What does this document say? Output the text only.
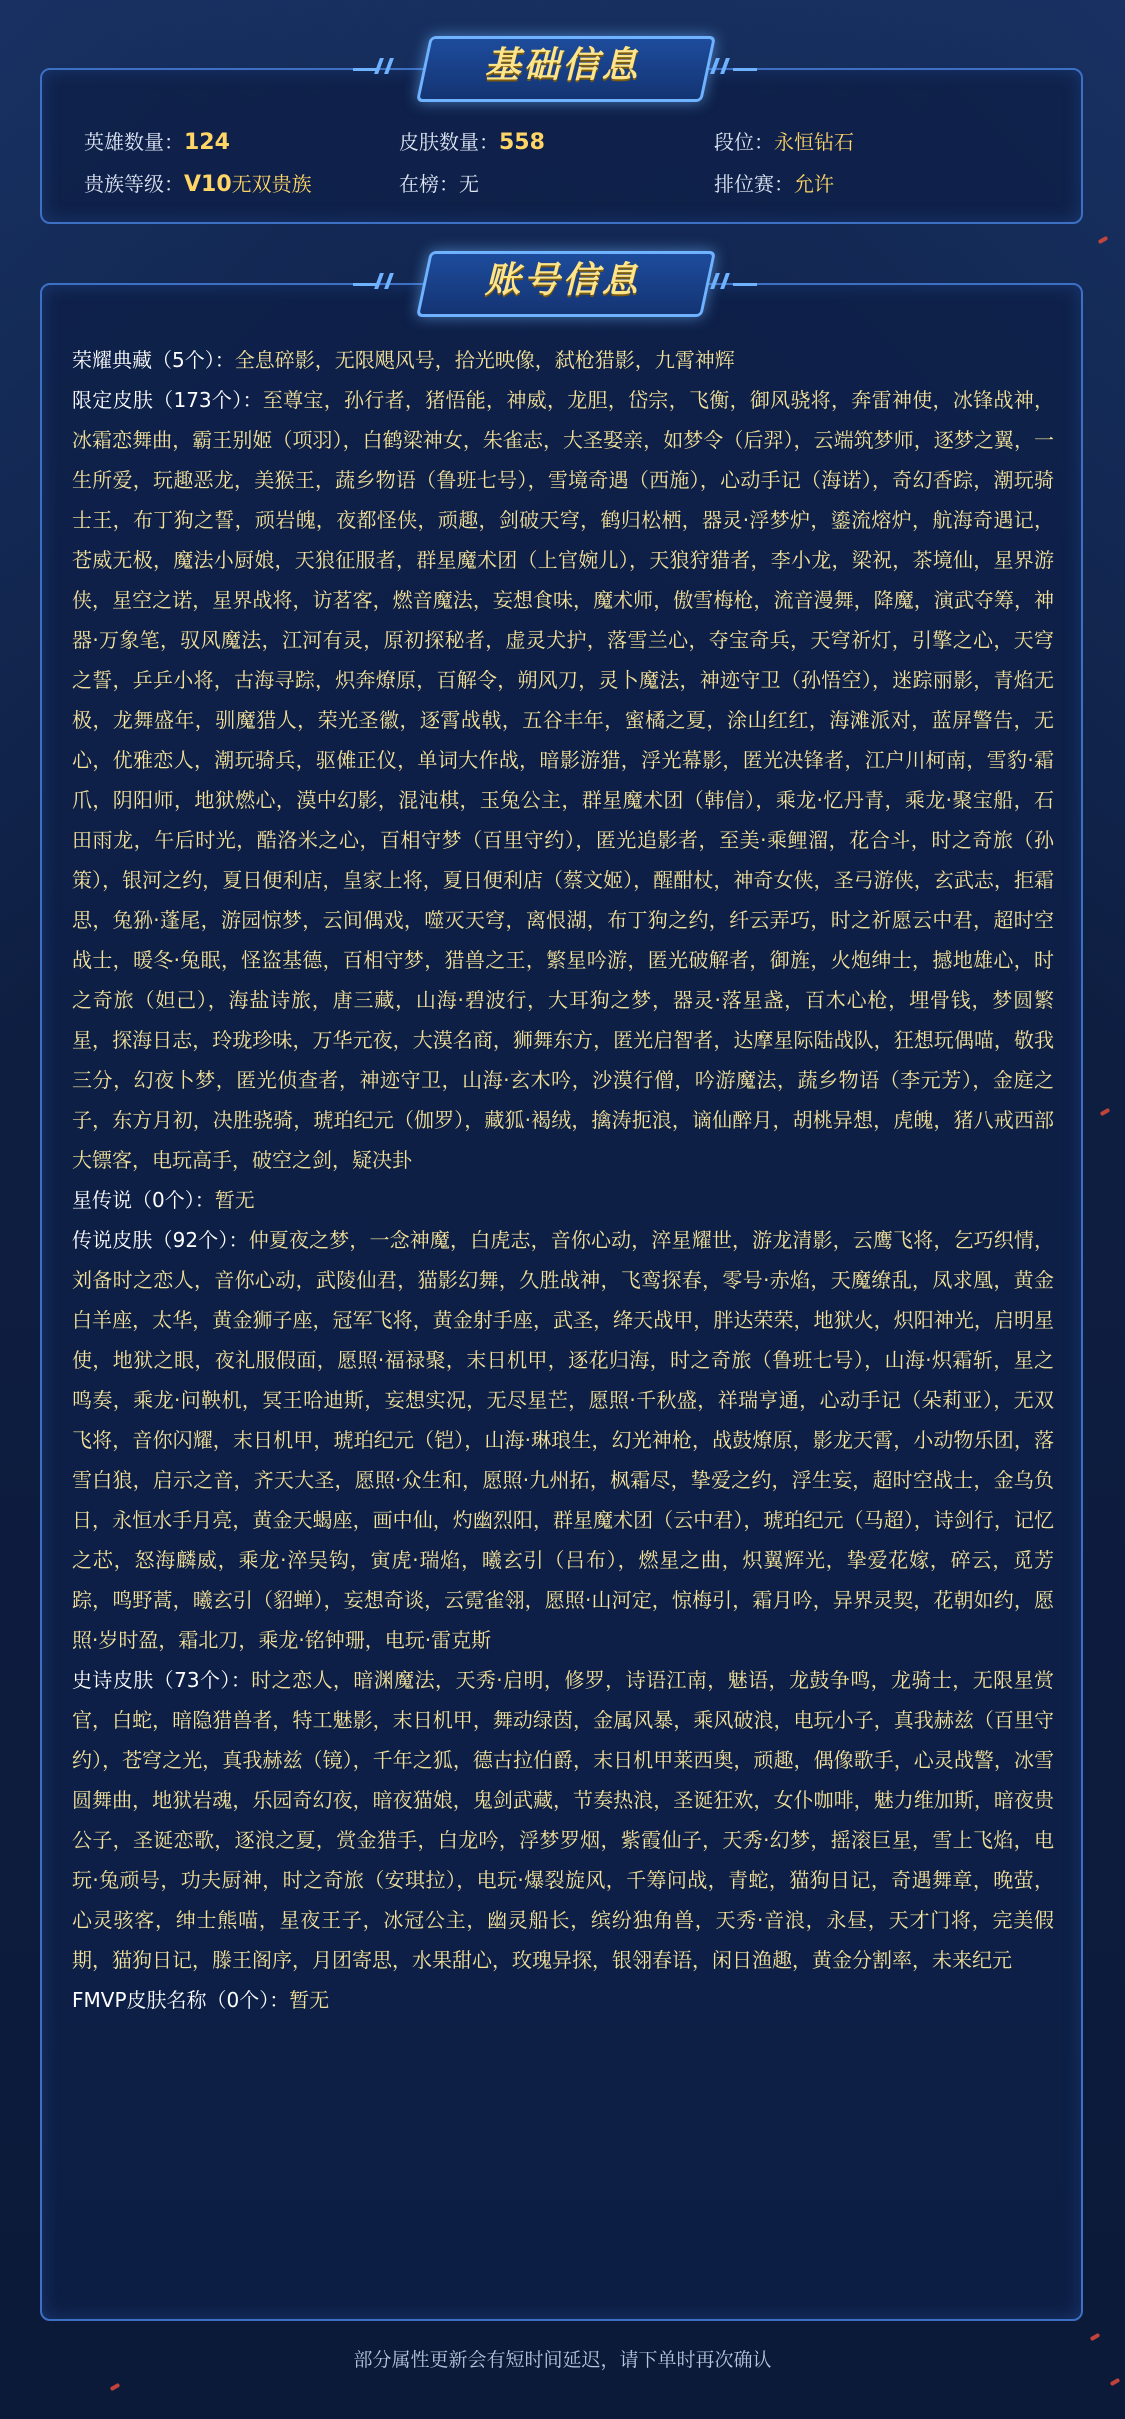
基础信息
英雄数量：124	皮肤数量：558	段位：永恒钻石
贵族等级：V10无双贵族	在榜：无	排位赛：允许
账号信息

荣耀典藏（5个）：全息碎影，无限飓风号，拾光映像，弑枪猎影，九霄神辉

限定皮肤（173个）：至尊宝，孙行者，猪悟能，神威，龙胆，岱宗，飞衡，御风骁将，奔雷神使，冰锋战神，冰霜恋舞曲，霸王别姬（项羽），白鹤梁神女，朱雀志，大圣娶亲，如梦令（后羿），云端筑梦师，逐梦之翼，一生所爱，玩趣恶龙，美猴王，蔬乡物语（鲁班七号），雪境奇遇（西施），心动手记（海诺），奇幻香踪，潮玩骑士王，布丁狗之誓，顽岩魄，夜都怪侠，顽趣，剑破天穹，鹤归松栖，器灵·浮梦炉，鎏流熔炉，航海奇遇记，苍威无极，魔法小厨娘，天狼征服者，群星魔术团（上官婉儿），天狼狩猎者，李小龙，梁祝，茶境仙，星界游侠，星空之诺，星界战将，访茗客，燃音魔法，妄想食味，魔术师，傲雪梅枪，流音漫舞，降魔，演武夺筹，神器·万象笔，驭风魔法，江河有灵，原初探秘者，虚灵犬护，落雪兰心，夺宝奇兵，天穹祈灯，引擎之心，天穹之誓，乒乒小将，古海寻踪，炽奔燎原，百解令，朔风刀，灵卜魔法，神迹守卫（孙悟空），迷踪丽影，青焰无极，龙舞盛年，驯魔猎人，荣光圣徽，逐霄战戟，五谷丰年，蜜橘之夏，涂山红红，海滩派对，蓝屏警告，无心，优雅恋人，潮玩骑兵，驱傩正仪，单词大作战，暗影游猎，浮光幕影，匿光决锋者，江户川柯南，雪豹·霜爪，阴阳师，地狱燃心，漠中幻影，混沌棋，玉兔公主，群星魔术团（韩信），乘龙·忆丹青，乘龙·聚宝船，石田雨龙，午后时光，酷洛米之心，百相守梦（百里守约），匿光追影者，至美·乘鲤溜，花合斗，时之奇旅（孙策），银河之约，夏日便利店，皇家上将，夏日便利店（蔡文姬），醒酣杖，神奇女侠，圣弓游侠，玄武志，拒霜思，兔狲·蓬尾，游园惊梦，云间偶戏，噬灭天穹，离恨湖，布丁狗之约，纤云弄巧，时之祈愿云中君，超时空战士，暖冬·兔眠，怪盗基德，百相守梦，猎兽之王，繁星吟游，匿光破解者，御旌，火炮绅士，撼地雄心，时之奇旅（妲己），海盐诗旅，唐三藏，山海·碧波行，大耳狗之梦，器灵·落星盏，百木心枪，埋骨钱，梦圆繁星，探海日志，玲珑珍味，万华元夜，大漠名商，狮舞东方，匿光启智者，达摩星际陆战队，狂想玩偶喵，敬我三分，幻夜卜梦，匿光侦查者，神迹守卫，山海·玄木吟，沙漠行僧，吟游魔法，蔬乡物语（李元芳），金庭之子，东方月初，决胜骁骑，琥珀纪元（伽罗），藏狐·褐绒，擒涛扼浪，谪仙醉月，胡桃异想，虎魄，猪八戒西部大镖客，电玩高手，破空之剑，疑决卦

星传说（0个）：暂无

传说皮肤（92个）：仲夏夜之梦，一念神魔，白虎志，音你心动，淬星耀世，游龙清影，云鹰飞将，乞巧织情，刘备时之恋人，音你心动，武陵仙君，猫影幻舞，久胜战神，飞鸾探春，零号·赤焰，天魔缭乱，凤求凰，黄金白羊座，太华，黄金狮子座，冠军飞将，黄金射手座，武圣，绛天战甲，胖达荣荣，地狱火，炽阳神光，启明星使，地狱之眼，夜礼服假面，愿照·福禄聚，末日机甲，逐花归海，时之奇旅（鲁班七号），山海·炽霜斩，星之鸣奏，乘龙·问鞅机，冥王哈迪斯，妄想实况，无尽星芒，愿照·千秋盛，祥瑞亨通，心动手记（朵莉亚），无双飞将，音你闪耀，末日机甲，琥珀纪元（铠），山海·琳琅生，幻光神枪，战鼓燎原，影龙天霄，小动物乐团，落雪白狼，启示之音，齐天大圣，愿照·众生和，愿照·九州拓，枫霜尽，挚爱之约，浮生妄，超时空战士，金乌负日，永恒水手月亮，黄金天蝎座，画中仙，灼幽烈阳，群星魔术团（云中君），琥珀纪元（马超），诗剑行，记忆之芯，怒海麟威，乘龙·淬吴钩，寅虎·瑞焰，曦玄引（吕布），燃星之曲，炽翼辉光，挚爱花嫁，碎云，觅芳踪，鸣野蒿，曦玄引（貂蝉），妄想奇谈，云霓雀翎，愿照·山河定，惊梅引，霜月吟，异界灵契，花朝如约，愿照·岁时盈，霜北刀，乘龙·铭钟珊，电玩·雷克斯

史诗皮肤（73个）：时之恋人，暗渊魔法，天秀·启明，修罗，诗语江南，魅语，龙鼓争鸣，龙骑士，无限星赏官，白蛇，暗隐猎兽者，特工魅影，末日机甲，舞动绿茵，金属风暴，乘风破浪，电玩小子，真我赫兹（百里守约），苍穹之光，真我赫兹（镜），千年之狐，德古拉伯爵，末日机甲莱西奥，顽趣，偶像歌手，心灵战警，冰雪圆舞曲，地狱岩魂，乐园奇幻夜，暗夜猫娘，鬼剑武藏，节奏热浪，圣诞狂欢，女仆咖啡，魅力维加斯，暗夜贵公子，圣诞恋歌，逐浪之夏，赏金猎手，白龙吟，浮梦罗烟，紫霞仙子，天秀·幻梦，摇滚巨星，雪上飞焰，电玩·兔顽号，功夫厨神，时之奇旅（安琪拉），电玩·爆裂旋风，千筹问战，青蛇，猫狗日记，奇遇舞章，晚萤，心灵骇客，绅士熊喵，星夜王子，冰冠公主，幽灵船长，缤纷独角兽，天秀·音浪，永昼，天才门将，完美假期，猫狗日记，滕王阁序，月团寄思，水果甜心，玫瑰异探，银翎春语，闲日渔趣，黄金分割率，未来纪元

FMVP皮肤名称（0个）：暂无

部分属性更新会有短时间延迟，请下单时再次确认
